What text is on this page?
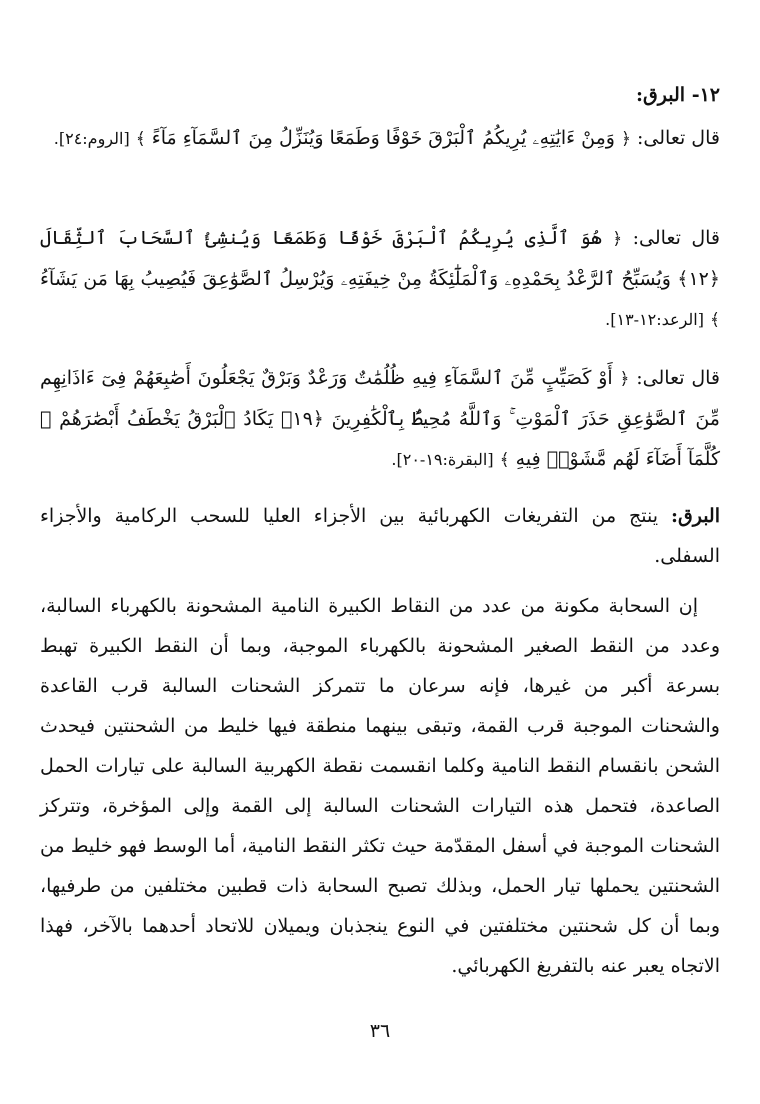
١٢- البرق:
قال تعالى: ﴿ وَمِنْ ءَايَٰتِهِۦ يُرِيكُمُ ٱلْبَرْقَ خَوْفًا وَطَمَعًا وَيُنَزِّلُ مِنَ ٱلسَّمَآءِ مَآءً ﴾ [الروم:٢٤].
قال تعالى: ﴿ هُوَ ٱلَّذِى يُرِيكُمُ ٱلْبَرْقَ خَوْفًا وَطَمَعًا وَيُنشِئُ ٱلسَّحَابَ ٱلثِّقَالَ ﴿١٢﴾ وَيُسَبِّحُ ٱلرَّعْدُ بِحَمْدِهِۦ وَٱلْمَلَٰٓئِكَةُ مِنْ خِيفَتِهِۦ وَيُرْسِلُ ٱلصَّوَٰعِقَ فَيُصِيبُ بِهَا مَن يَشَآءُ ﴾ [الرعد:١٢-١٣].
قال تعالى: ﴿ أَوْ كَصَيِّبٍ مِّنَ ٱلسَّمَآءِ فِيهِ ظُلُمَٰتٌ وَرَعْدٌ وَبَرْقٌ يَجْعَلُونَ أَصَٰبِعَهُمْ فِىٓ ءَاذَانِهِم مِّنَ ٱلصَّوَٰعِقِ حَذَرَ ٱلْمَوْتِ ۚ وَٱللَّهُ مُحِيطٌۢ بِٱلْكَٰفِرِينَ ﴿١٩﴾ يَكَادُ ٱلْبَرْقُ يَخْطَفُ أَبْصَٰرَهُمْ ۖ كُلَّمَآ أَضَآءَ لَهُم مَّشَوْا۟ فِيهِ ﴾ [البقرة:١٩-٢٠].
البرق: ينتج من التفريغات الكهربائية بين الأجزاء العليا للسحب الركامية والأجزاء السفلى.
إن السحابة مكونة من عدد من النقاط الكبيرة النامية المشحونة بالكهرباء السالبة، وعدد من النقط الصغير المشحونة بالكهرباء الموجبة، وبما أن النقط الكبيرة تهبط بسرعة أكبر من غيرها، فإنه سرعان ما تتمركز الشحنات السالبة قرب القاعدة والشحنات الموجبة قرب القمة، وتبقى بينهما منطقة فيها خليط من الشحنتين فيحدث الشحن بانقسام النقط النامية وكلما انقسمت نقطة الكهربية السالبة على تيارات الحمل الصاعدة، فتحمل هذه التيارات الشحنات السالبة إلى القمة وإلى المؤخرة، وتتركز الشحنات الموجبة في أسفل المقدّمة حيث تكثر النقط النامية، أما الوسط فهو خليط من الشحنتين يحملها تيار الحمل، وبذلك تصبح السحابة ذات قطبين مختلفين من طرفيها، وبما أن كل شحنتين مختلفتين في النوع ينجذبان ويميلان للاتحاد أحدهما بالآخر، فهذا الاتجاه يعبر عنه بالتفريغ الكهربائي.
٣٦
